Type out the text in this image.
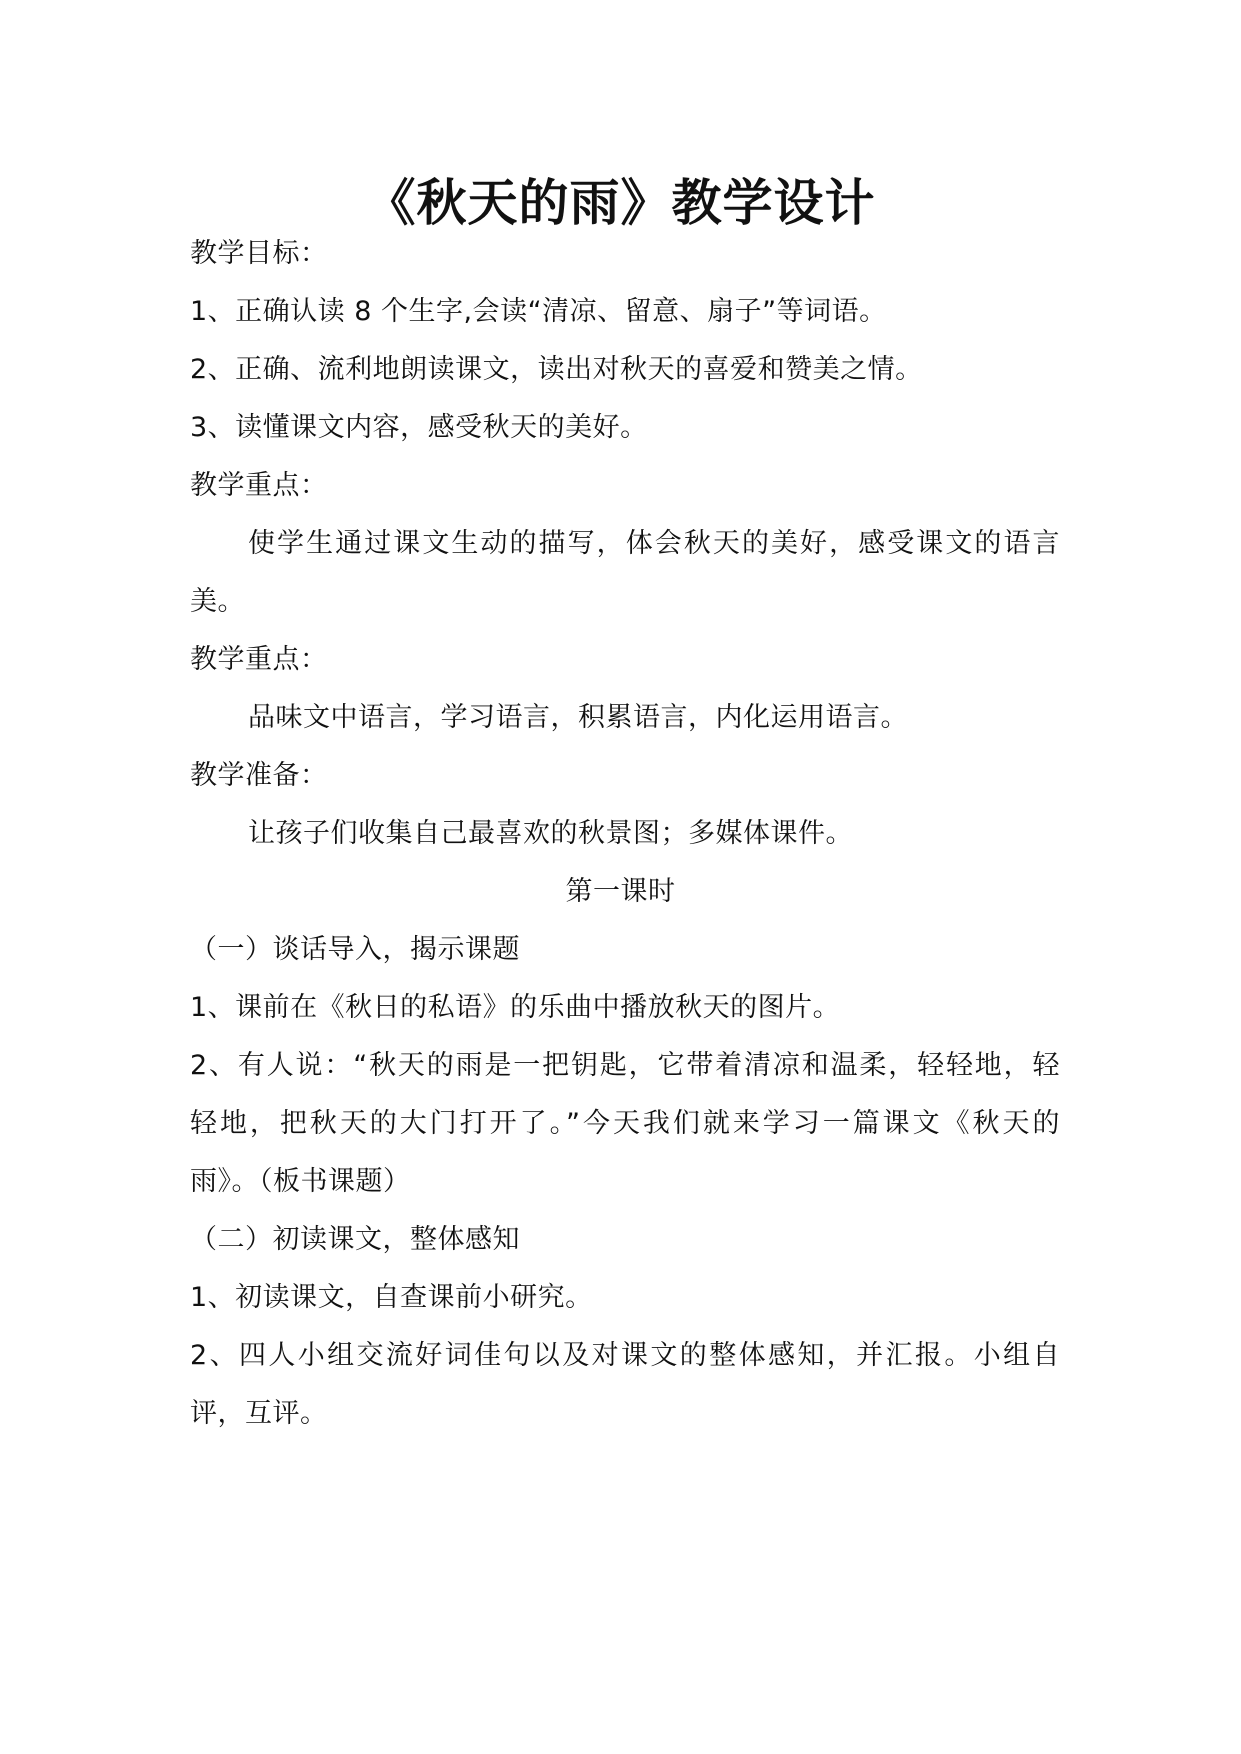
《秋天的雨》教学设计

教学目标：

1、正确认读 8 个生字,会读“清凉、留意、扇子”等词语。

2、正确、流利地朗读课文，读出对秋天的喜爱和赞美之情。

3、读懂课文内容，感受秋天的美好。

教学重点：

使学生通过课文生动的描写，体会秋天的美好，感受课文的语言

美。

教学重点：

品味文中语言，学习语言，积累语言，内化运用语言。

教学准备：

让孩子们收集自己最喜欢的秋景图；多媒体课件。

第一课时

（一）谈话导入，揭示课题

1、课前在《秋日的私语》的乐曲中播放秋天的图片。

2、有人说：“秋天的雨是一把钥匙，它带着清凉和温柔，轻轻地，轻

轻地，把秋天的大门打开了。”今天我们就来学习一篇课文《秋天的

雨》。（板书课题）

（二）初读课文，整体感知

1、初读课文，自查课前小研究。

2、四人小组交流好词佳句以及对课文的整体感知，并汇报。小组自

评，互评。
